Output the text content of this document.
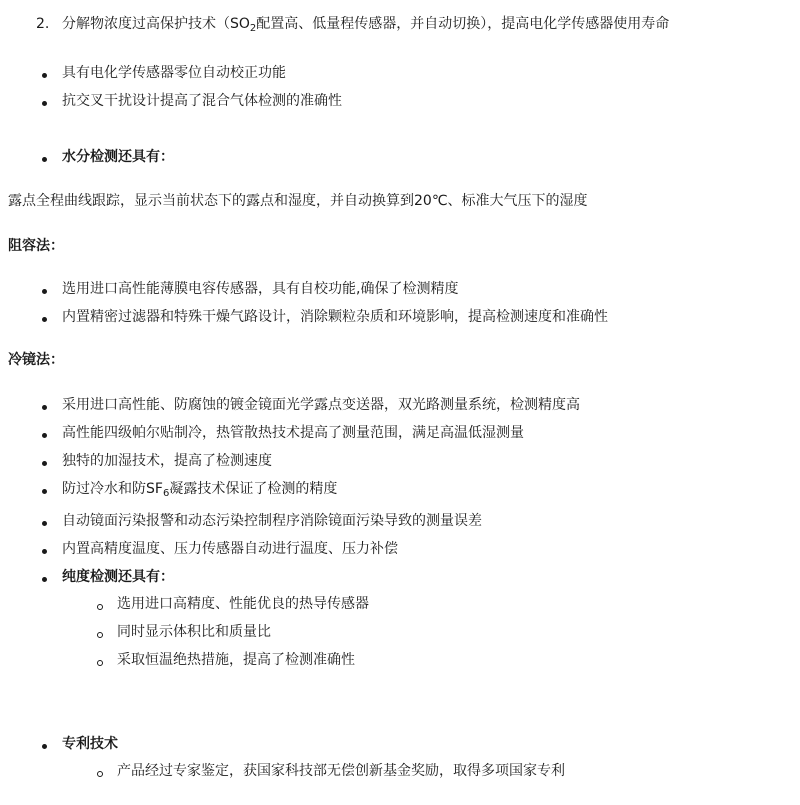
2. 分解物浓度过高保护技术（$SO_2$配置高、低量程传感器，并自动切换），提高电化学传感器使用寿命
具有电化学传感器零位自动校正功能
抗交叉干扰设计提高了混合气体检测的准确性
水分检测还具有：
露点全程曲线跟踪，显示当前状态下的露点和湿度，并自动换算到20℃、标准大气压下的湿度
阻容法：
选用进口高性能薄膜电容传感器，具有自校功能,确保了检测精度
内置精密过滤器和特殊干燥气路设计，消除颗粒杂质和环境影响，提高检测速度和准确性
冷镜法：
采用进口高性能、防腐蚀的镀金镜面光学露点变送器，双光路测量系统，检测精度高
高性能四级帕尔贴制冷，热管散热技术提高了测量范围，满足高温低湿测量
独特的加湿技术，提高了检测速度
防过冷水和防$SF_6$凝露技术保证了检测的精度
自动镜面污染报警和动态污染控制程序消除镜面污染导致的测量误差
内置高精度温度、压力传感器自动进行温度、压力补偿
纯度检测还具有：
选用进口高精度、性能优良的热导传感器
同时显示体积比和质量比
采取恒温绝热措施，提高了检测准确性
专利技术
产品经过专家鉴定，获国家科技部无偿创新基金奖励，取得多项国家专利
